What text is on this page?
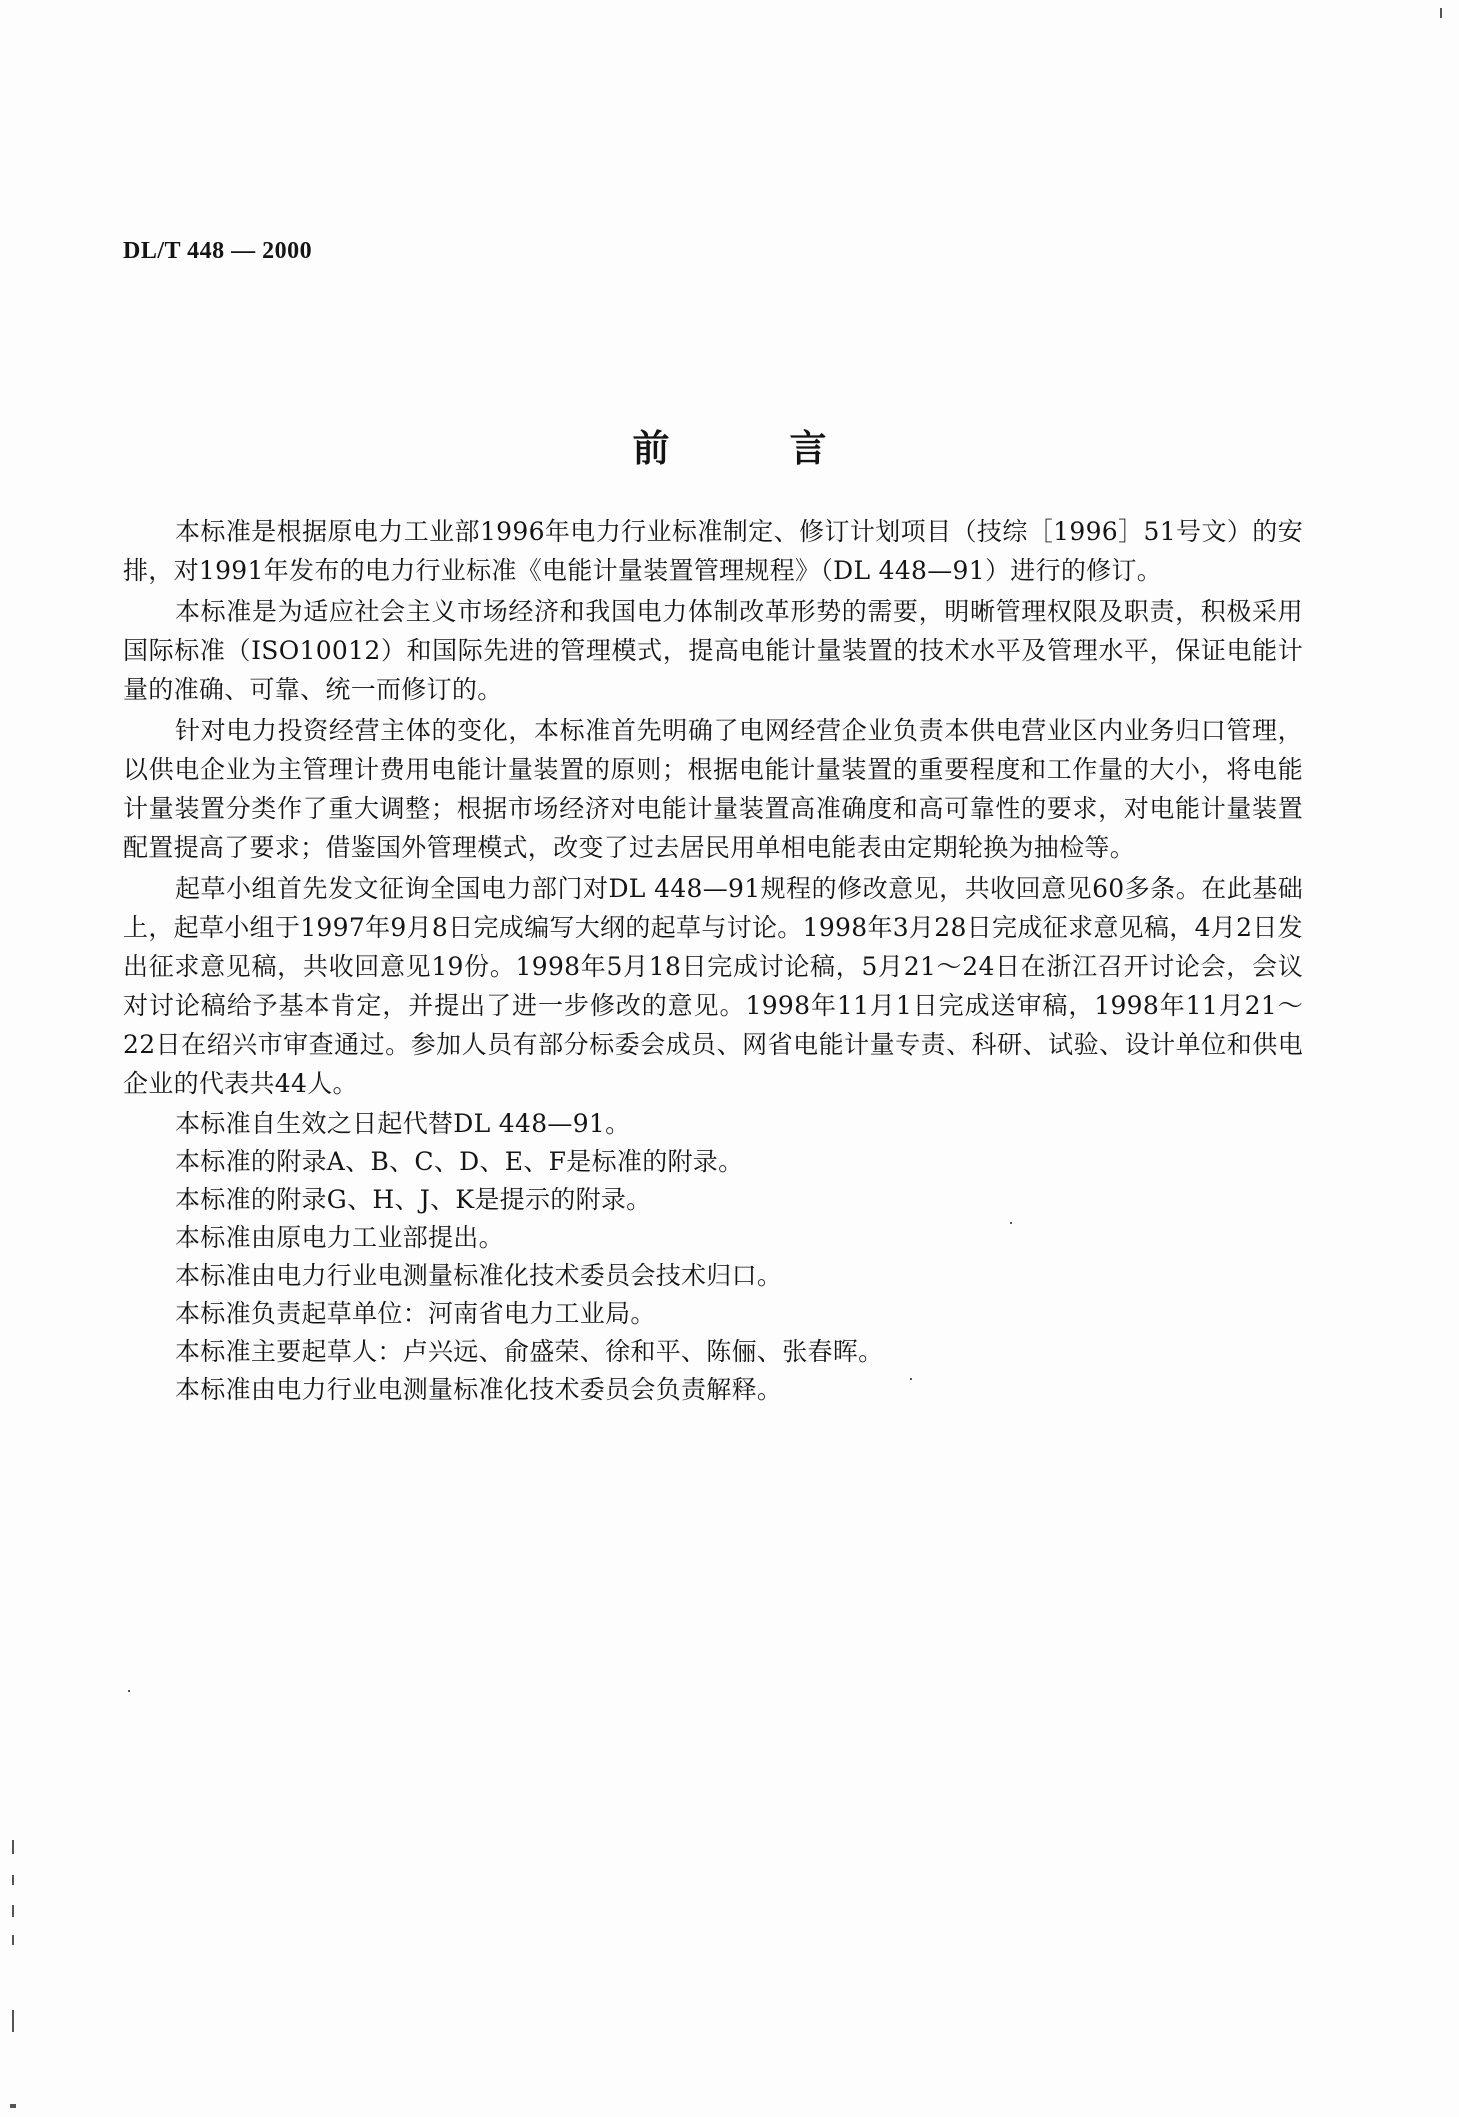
DL/T 448 — 2000
前言

本标准是根据原电力工业部1996年电力行业标准制定、修订计划项目（技综［1996］51号文）的安排，对1991年发布的电力行业标准《电能计量装置管理规程》（DL 448—91）进行的修订。

本标准是为适应社会主义市场经济和我国电力体制改革形势的需要，明晰管理权限及职责，积极采用国际标准（ISO10012）和国际先进的管理模式，提高电能计量装置的技术水平及管理水平，保证电能计量的准确、可靠、统一而修订的。

针对电力投资经营主体的变化，本标准首先明确了电网经营企业负责本供电营业区内业务归口管理，以供电企业为主管理计费用电能计量装置的原则；根据电能计量装置的重要程度和工作量的大小，将电能计量装置分类作了重大调整；根据市场经济对电能计量装置高准确度和高可靠性的要求，对电能计量装置配置提高了要求；借鉴国外管理模式，改变了过去居民用单相电能表由定期轮换为抽检等。

起草小组首先发文征询全国电力部门对DL 448—91规程的修改意见，共收回意见60多条。在此基础上，起草小组于1997年9月8日完成编写大纲的起草与讨论。1998年3月28日完成征求意见稿，4月2日发出征求意见稿，共收回意见19份。1998年5月18日完成讨论稿，5月21～24日在浙江召开讨论会，会议对讨论稿给予基本肯定，并提出了进一步修改的意见。1998年11月1日完成送审稿，1998年11月21～22日在绍兴市审查通过。参加人员有部分标委会成员、网省电能计量专责、科研、试验、设计单位和供电企业的代表共44人。

本标准自生效之日起代替DL 448—91。

本标准的附录A、B、C、D、E、F是标准的附录。

本标准的附录G、H、J、K是提示的附录。

本标准由原电力工业部提出。

本标准由电力行业电测量标准化技术委员会技术归口。

本标准负责起草单位：河南省电力工业局。

本标准主要起草人：卢兴远、俞盛荣、徐和平、陈俪、张春晖。

本标准由电力行业电测量标准化技术委员会负责解释。
